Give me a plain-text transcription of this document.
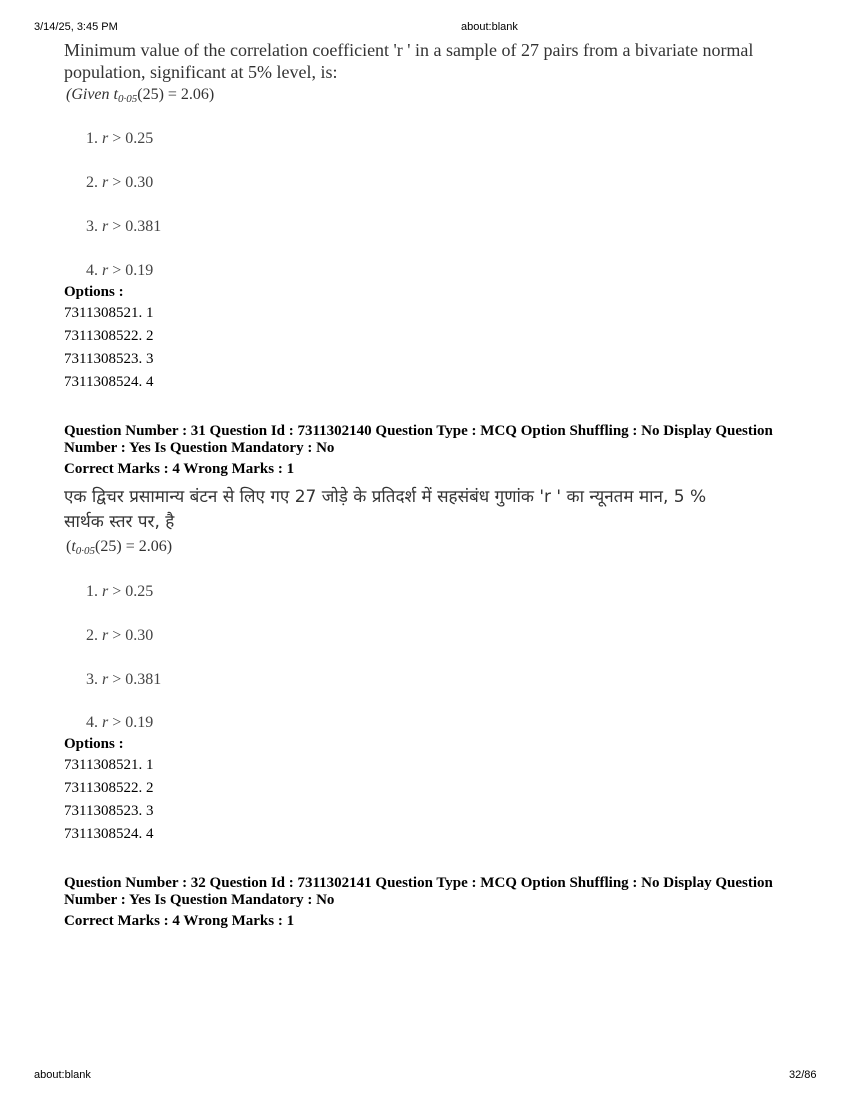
3/14/25, 3:45 PM	about:blank
Minimum value of the correlation coefficient 'r ' in a sample of 27 pairs from a bivariate normal
population, significant at 5% level, is:
(Given $t_{0\cdot 05}(25) = 2.06$)
1. r > 0.25
2. r > 0.30
3. r > 0.381
4. r > 0.19
Options :
7311308521. 1
7311308522. 2
7311308523. 3
7311308524. 4
Question Number : 31 Question Id : 7311302140 Question Type : MCQ Option Shuffling : No Display Question
Number : Yes Is Question Mandatory : No
Correct Marks : 4 Wrong Marks : 1
एक द्विचर प्रसामान्य बंटन से लिए गए 27 जोड़े के प्रतिदर्श में सहसंबंध गुणांक 'r ' का न्यूनतम मान, 5 %
सार्थक स्तर पर, है
$(t_{0\cdot 05}(25) = 2.06)$
1. r > 0.25
2. r > 0.30
3. r > 0.381
4. r > 0.19
Options :
7311308521. 1
7311308522. 2
7311308523. 3
7311308524. 4
Question Number : 32 Question Id : 7311302141 Question Type : MCQ Option Shuffling : No Display Question
Number : Yes Is Question Mandatory : No
Correct Marks : 4 Wrong Marks : 1
about:blank	32/86
